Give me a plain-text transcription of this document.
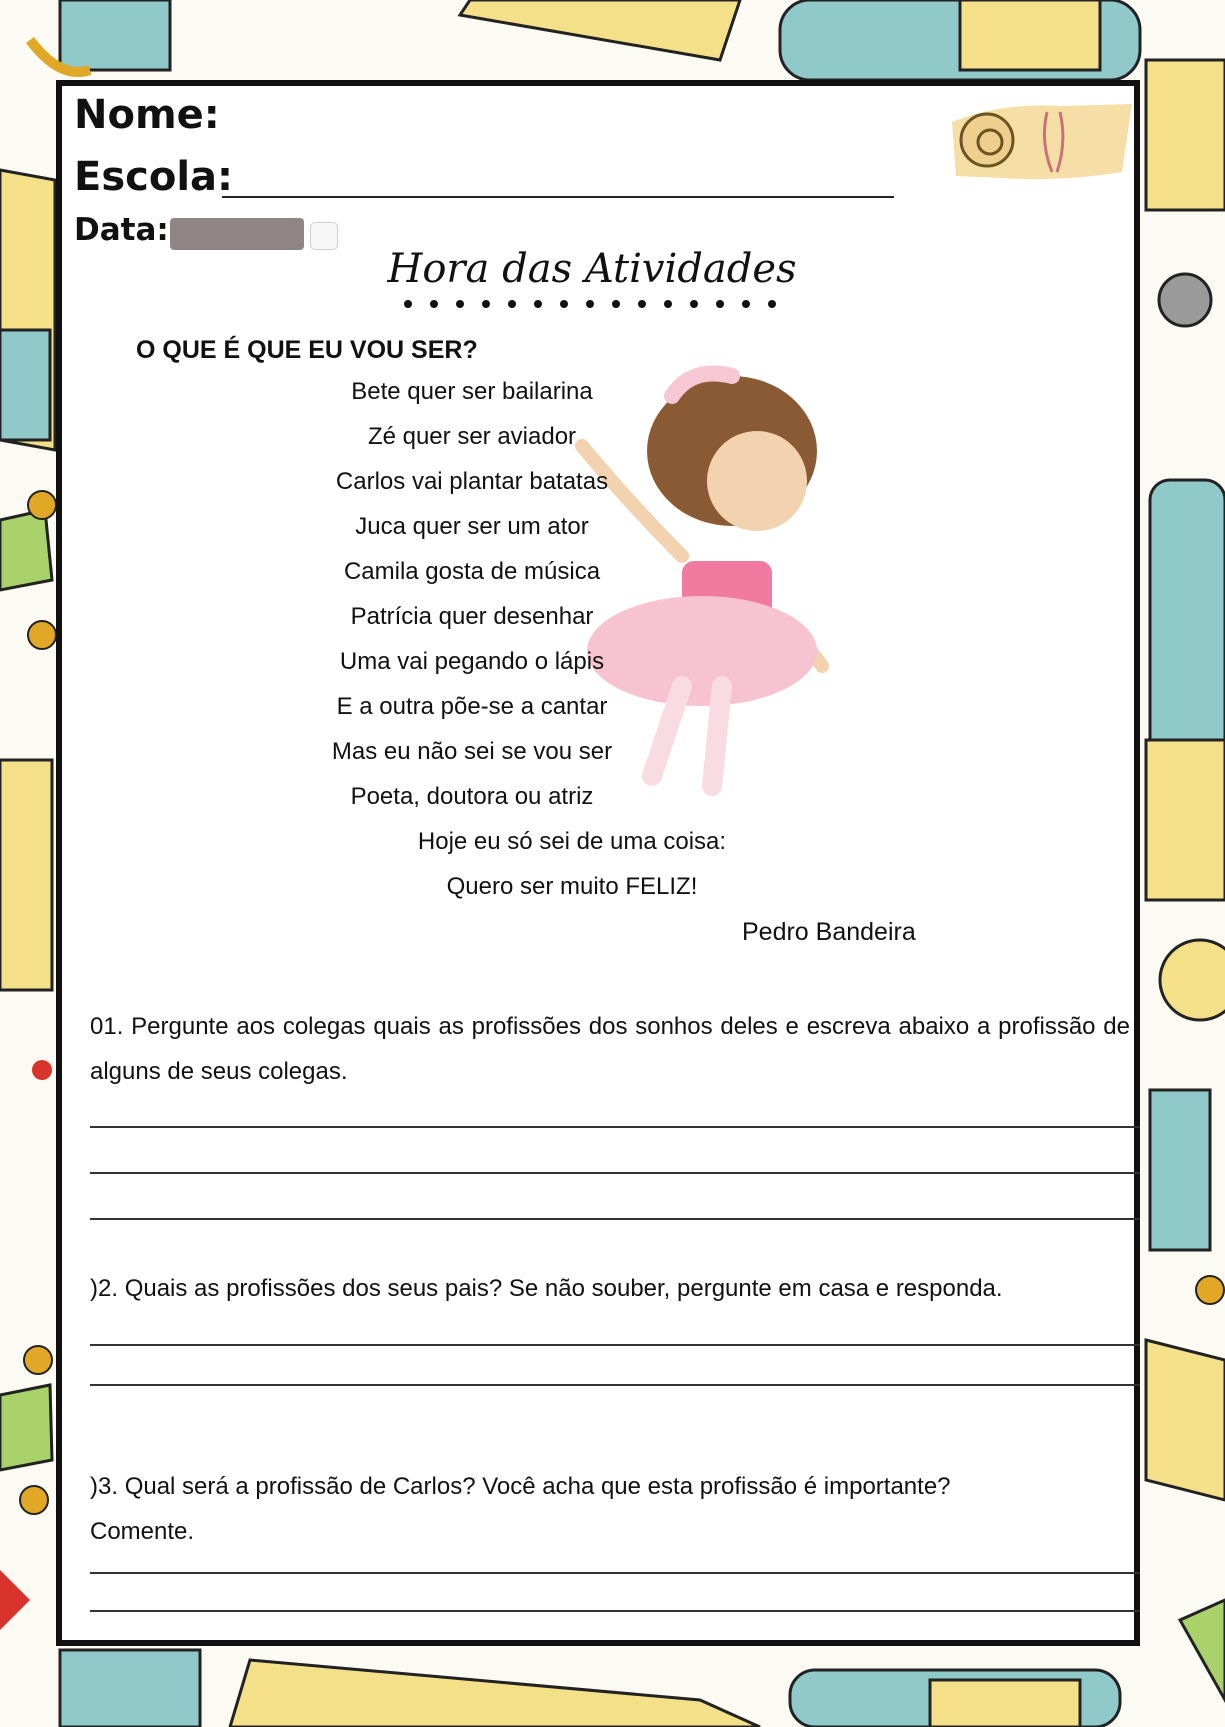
Nome:
Escola:
Data:
Hora das Atividades
O QUE É QUE EU VOU SER?
Bete quer ser bailarina
Zé quer ser aviador
Carlos vai plantar batatas
Juca quer ser um ator
Camila gosta de música
Patrícia quer desenhar
Uma vai pegando o lápis
E a outra põe-se a cantar
Mas eu não sei se vou ser
Poeta, doutora ou atriz
Hoje eu só sei de uma coisa:
Quero ser muito FELIZ!
Pedro Bandeira
01. Pergunte aos colegas quais as profissões dos sonhos deles e escreva abaixo a profissão de alguns de seus colegas.
)2. Quais as profissões dos seus pais? Se não souber, pergunte em casa e responda.
)3. Qual será a profissão de Carlos? Você acha que esta profissão é importante? Comente.
